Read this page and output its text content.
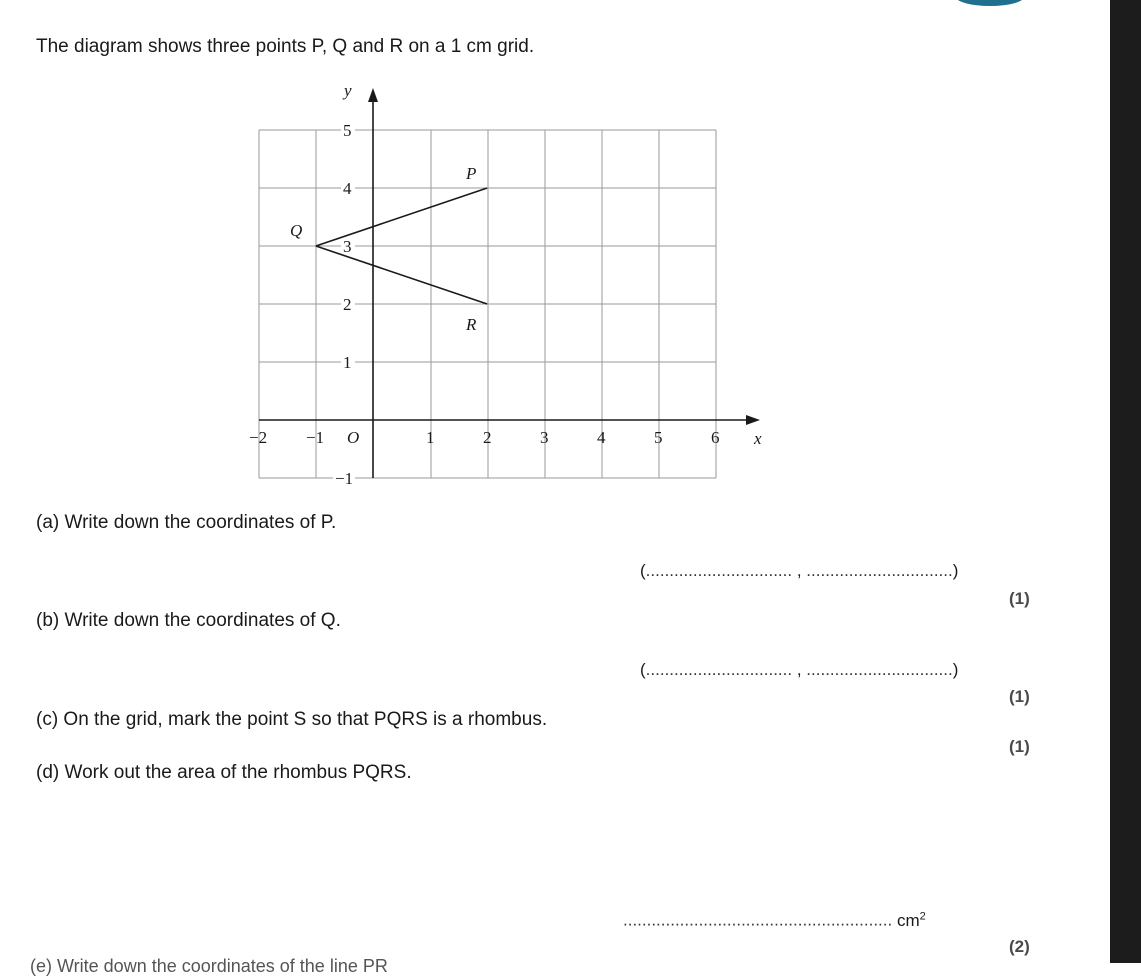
The diagram shows three points P, Q and R on a 1 cm grid.
y
x
O
−2 −1	1	2	3	4	5	6
5
4
3
2
1
−1
P
Q
R
(a) Write down the coordinates of P.
(............................... , ...............................)
(1)
(b) Write down the coordinates of Q.
(............................... , ...............................)
(1)
(c) On the grid, mark the point S so that PQRS is a rhombus.
(1)
(d) Work out the area of the rhombus PQRS.
......................................................... $cm^2$
(2)
(e) Write down the coordinates of the line PR
